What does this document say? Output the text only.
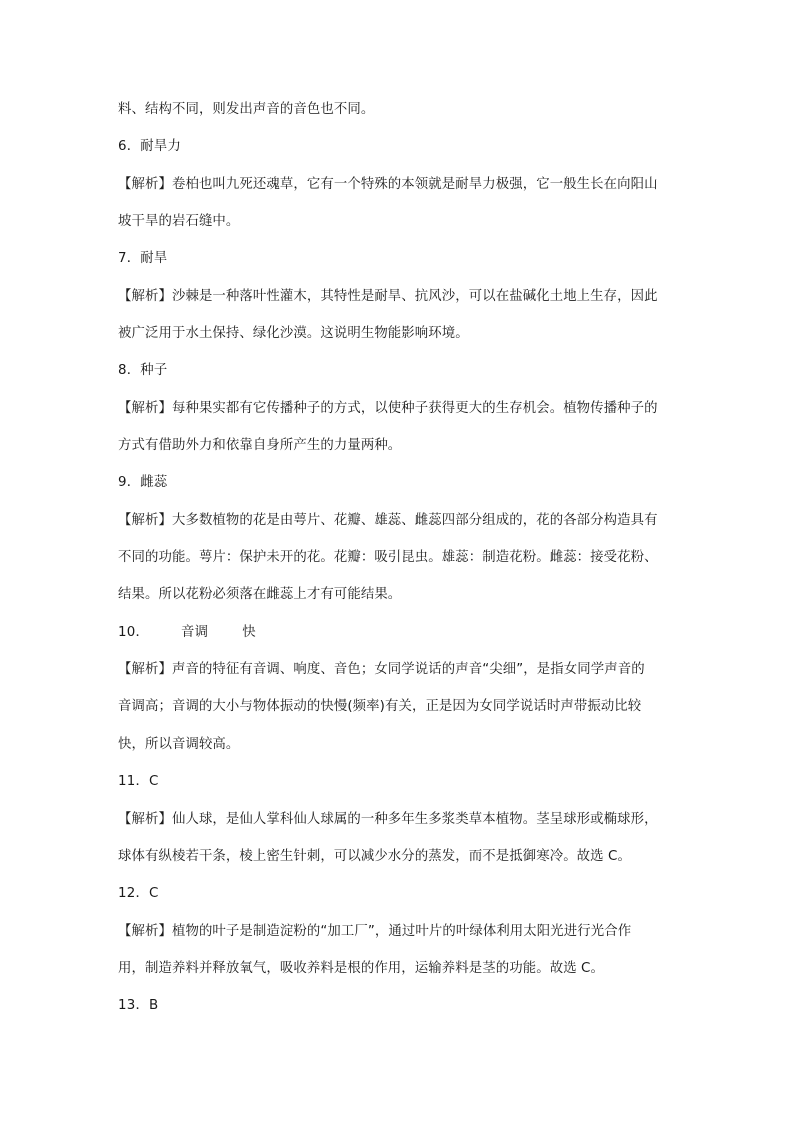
料、结构不同，则发出声音的音色也不同。
6．耐旱力
【解析】卷柏也叫九死还魂草，它有一个特殊的本领就是耐旱力极强，它一般生长在向阳山
坡干旱的岩石缝中。
7．耐旱
【解析】沙棘是一种落叶性灌木，其特性是耐旱、抗风沙，可以在盐碱化土地上生存，因此
被广泛用于水土保持、绿化沙漠。这说明生物能影响环境。
8．种子
【解析】每种果实都有它传播种子的方式，以使种子获得更大的生存机会。植物传播种子的
方式有借助外力和依靠自身所产生的力量两种。
9．雌蕊
【解析】大多数植物的花是由萼片、花瓣、雄蕊、雌蕊四部分组成的，花的各部分构造具有
不同的功能。萼片：保护未开的花。花瓣：吸引昆虫。雄蕊：制造花粉。雌蕊：接受花粉、
结果。所以花粉必须落在雌蕊上才有可能结果。
10． 音调	快
【解析】声音的特征有音调、响度、音色；女同学说话的声音“尖细”，是指女同学声音的
音调高；音调的大小与物体振动的快慢(频率)有关，正是因为女同学说话时声带振动比较
快，所以音调较高。
11．C
【解析】仙人球，是仙人掌科仙人球属的一种多年生多浆类草本植物。茎呈球形或椭球形，
球体有纵棱若干条，棱上密生针刺，可以减少水分的蒸发，而不是抵御寒冷。故选 C。
12．C
【解析】植物的叶子是制造淀粉的“加工厂”，通过叶片的叶绿体利用太阳光进行光合作
用，制造养料并释放氧气，吸收养料是根的作用，运输养料是茎的功能。故选 C。
13．B
